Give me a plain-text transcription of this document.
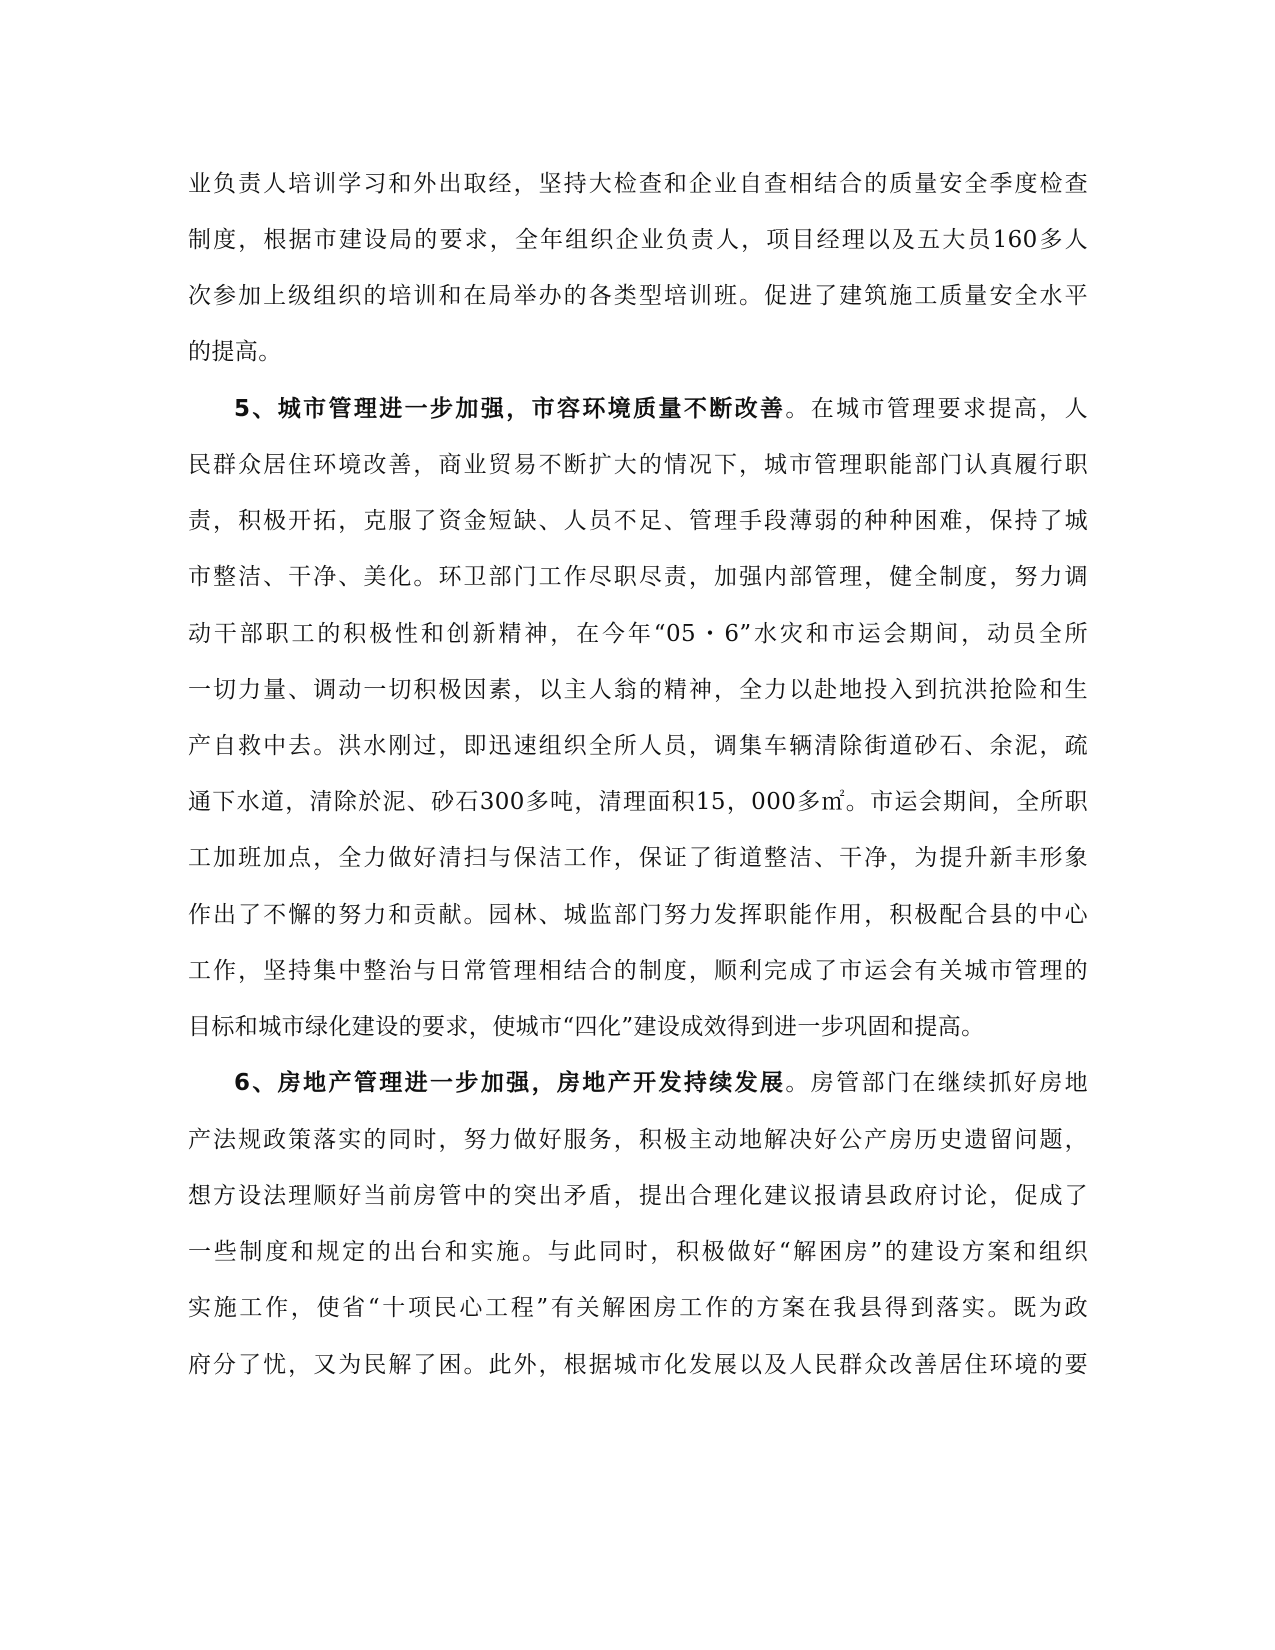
业负责人培训学习和外出取经，坚持大检查和企业自查相结合的质量安全季度检查
制度，根据市建设局的要求，全年组织企业负责人，项目经理以及五大员160多人
次参加上级组织的培训和在局举办的各类型培训班。促进了建筑施工质量安全水平
的提高。
5、城市管理进一步加强，市容环境质量不断改善。在城市管理要求提高，人
民群众居住环境改善，商业贸易不断扩大的情况下，城市管理职能部门认真履行职
责，积极开拓，克服了资金短缺、人员不足、管理手段薄弱的种种困难，保持了城
市整洁、干净、美化。环卫部门工作尽职尽责，加强内部管理，健全制度，努力调
动干部职工的积极性和创新精神，在今年“05・6”水灾和市运会期间，动员全所
一切力量、调动一切积极因素，以主人翁的精神，全力以赴地投入到抗洪抢险和生
产自救中去。洪水刚过，即迅速组织全所人员，调集车辆清除街道砂石、余泥，疏
通下水道，清除於泥、砂石300多吨，清理面积15，000多㎡。市运会期间，全所职
工加班加点，全力做好清扫与保洁工作，保证了街道整洁、干净，为提升新丰形象
作出了不懈的努力和贡献。园林、城监部门努力发挥职能作用，积极配合县的中心
工作，坚持集中整治与日常管理相结合的制度，顺利完成了市运会有关城市管理的
目标和城市绿化建设的要求，使城市“四化”建设成效得到进一步巩固和提高。
6、房地产管理进一步加强，房地产开发持续发展。房管部门在继续抓好房地
产法规政策落实的同时，努力做好服务，积极主动地解决好公产房历史遗留问题，
想方设法理顺好当前房管中的突出矛盾，提出合理化建议报请县政府讨论，促成了
一些制度和规定的出台和实施。与此同时，积极做好“解困房”的建设方案和组织
实施工作，使省“十项民心工程”有关解困房工作的方案在我县得到落实。既为政
府分了忧，又为民解了困。此外，根据城市化发展以及人民群众改善居住环境的要
